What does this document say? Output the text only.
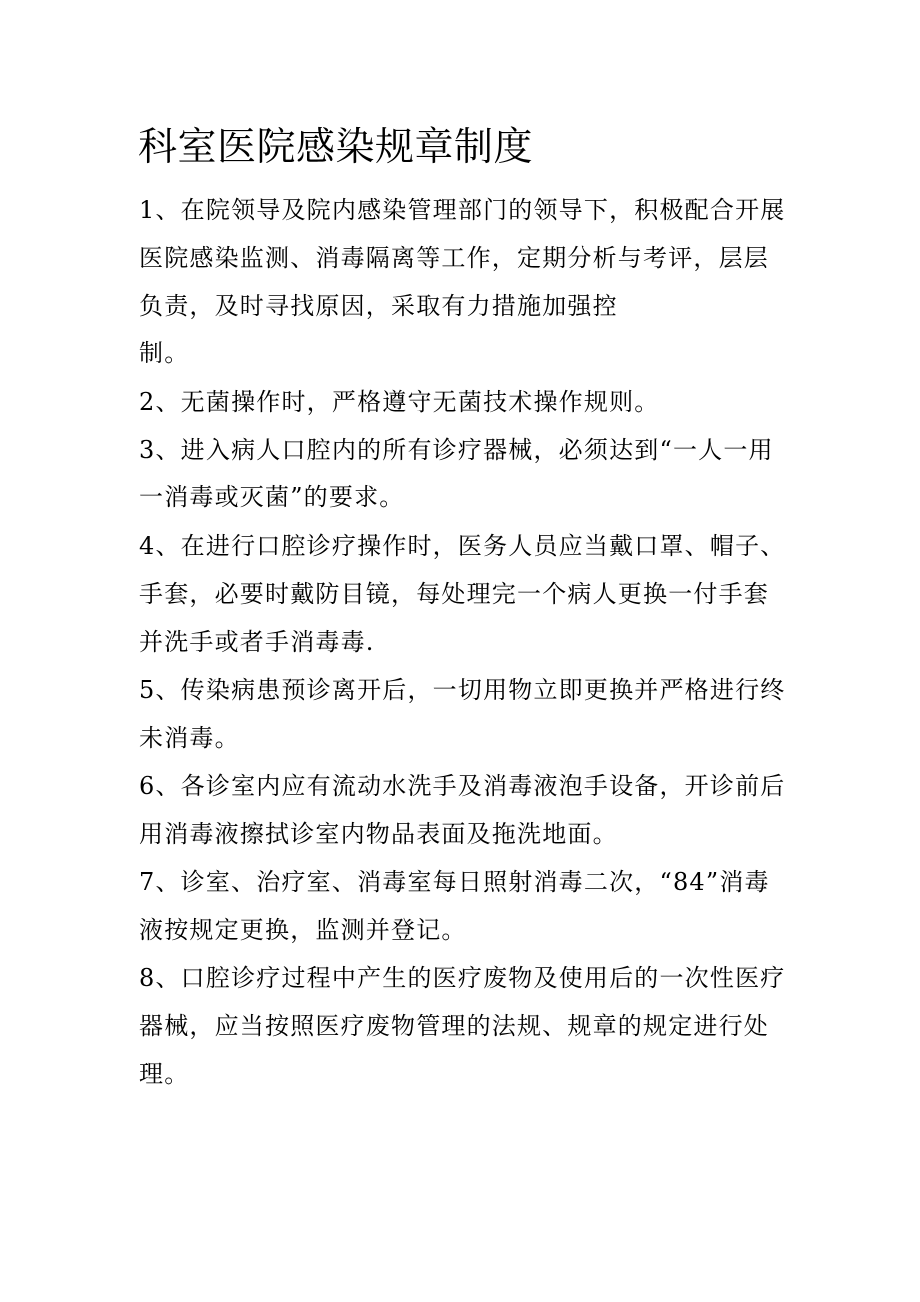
科室医院感染规章制度

1、在院领导及院内感染管理部门的领导下，积极配合开展

医院感染监测、消毒隔离等工作，定期分析与考评，层层

负责，及时寻找原因，采取有力措施加强控

制。

2、无菌操作时，严格遵守无菌技术操作规则。

3、进入病人口腔内的所有诊疗器械，必须达到“一人一用

一消毒或灭菌”的要求。

4、在进行口腔诊疗操作时，医务人员应当戴口罩、帽子、

手套，必要时戴防目镜，每处理完一个病人更换一付手套

并洗手或者手消毒毒.

5、传染病患预诊离开后，一切用物立即更换并严格进行终

未消毒。

6、各诊室内应有流动水洗手及消毒液泡手设备，开诊前后

用消毒液擦拭诊室内物品表面及拖洗地面。

7、诊室、治疗室、消毒室每日照射消毒二次，“84”消毒

液按规定更换，监测并登记。

8、口腔诊疗过程中产生的医疗废物及使用后的一次性医疗

器械，应当按照医疗废物管理的法规、规章的规定进行处

理。
